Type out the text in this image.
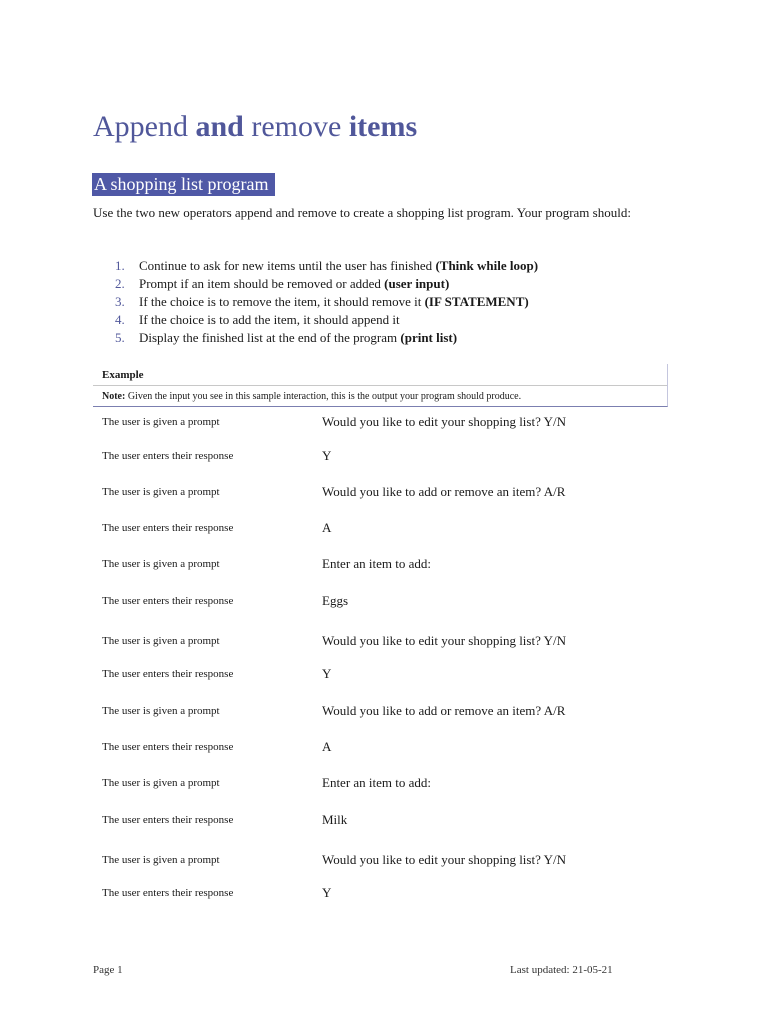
Append and remove items
A shopping list program

Use the two new operators append and remove to create a shopping list program. Your program should:

1. Continue to ask for new items until the user has finished (Think while loop)
2. Prompt if an item should be removed or added (user input)
3. If the choice is to remove the item, it should remove it (IF STATEMENT)
4. If the choice is to add the item, it should append it
5. Display the finished list at the end of the program (print list)
Example
Note: Given the input you see in this sample interaction, this is the output your program should produce.
The user is given a prompt	Would you like to edit your shopping list? Y/N
The user enters their response	Y
The user is given a prompt	Would you like to add or remove an item? A/R
The user enters their response	A
The user is given a prompt	Enter an item to add:
The user enters their response	Eggs
The user is given a prompt	Would you like to edit your shopping list? Y/N
The user enters their response	Y
The user is given a prompt	Would you like to add or remove an item? A/R
The user enters their response	A
The user is given a prompt	Enter an item to add:
The user enters their response	Milk
The user is given a prompt	Would you like to edit your shopping list? Y/N
The user enters their response	Y
Page 1	Last updated: 21-05-21
